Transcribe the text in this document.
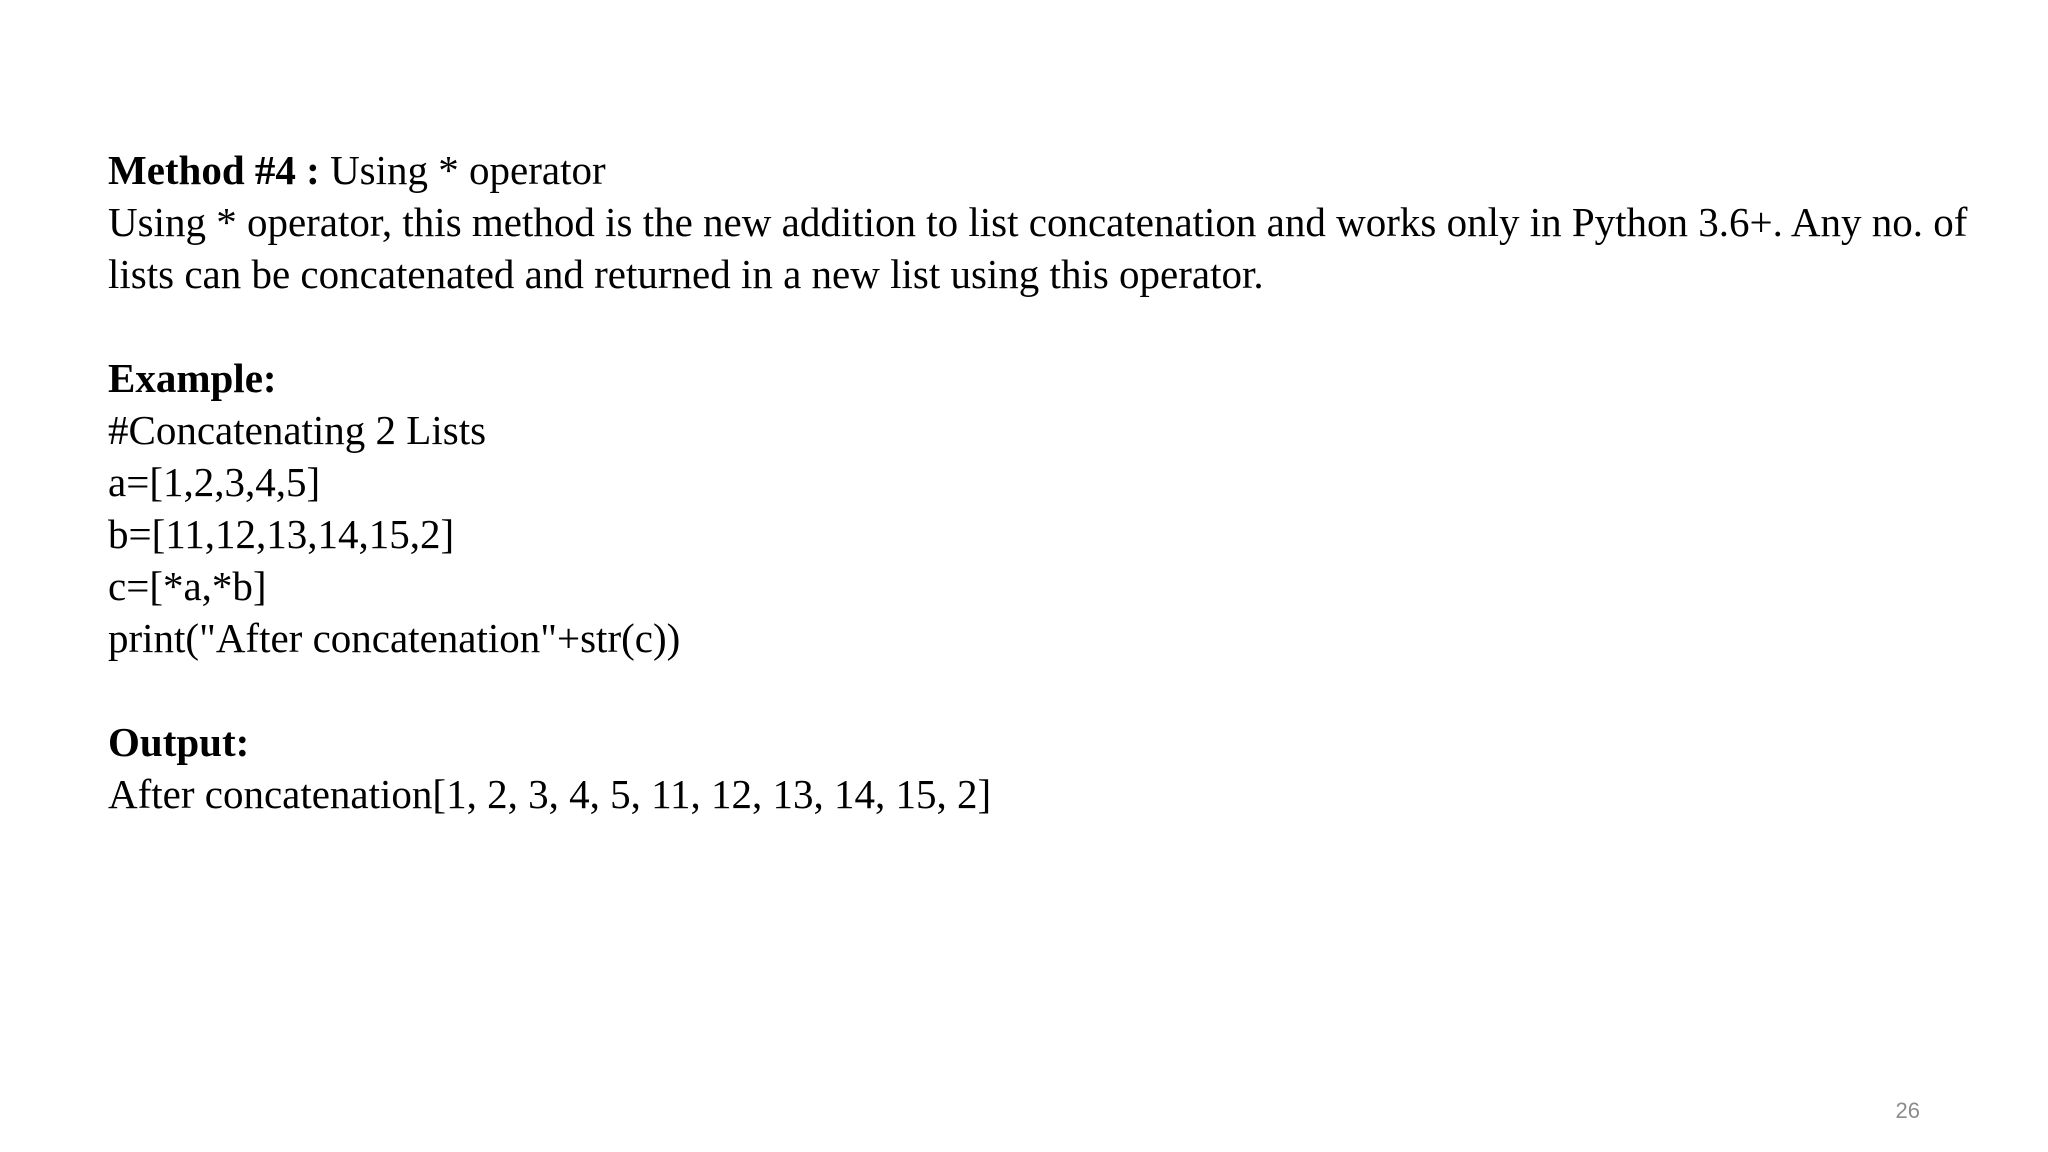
Method #4 : Using * operator
Using * operator, this method is the new addition to list concatenation and works only in Python 3.6+. Any no. of lists can be concatenated and returned in a new list using this operator.
Example:
#Concatenating 2 Lists
a=[1,2,3,4,5]
b=[11,12,13,14,15,2]
c=[*a,*b]
print("After concatenation"+str(c))
Output:
After concatenation[1, 2, 3, 4, 5, 11, 12, 13, 14, 15, 2]
26
